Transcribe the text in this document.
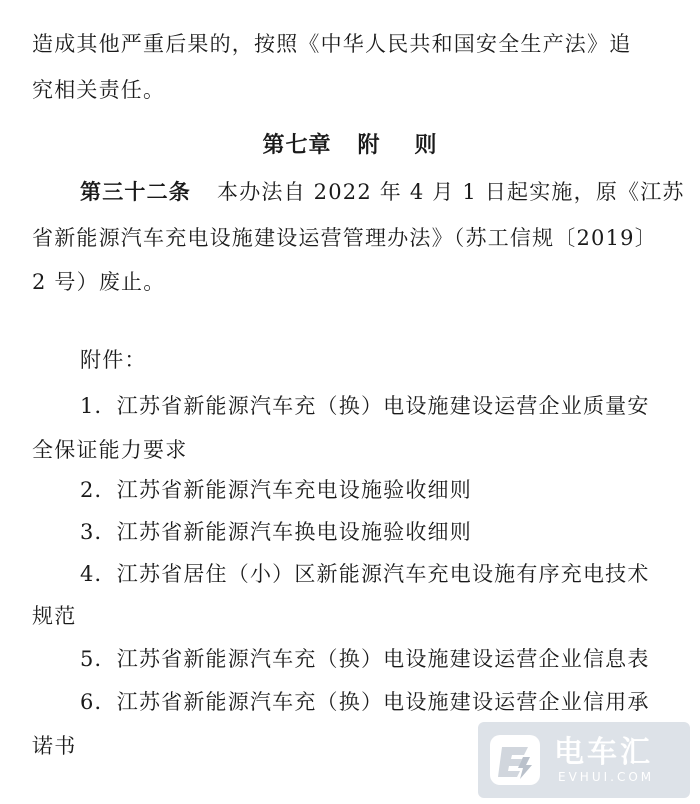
造成其他严重后果的，按照《中华人民共和国安全生产法》追
究相关责任。
第七章 附 则
第三十二条 本办法自 2022 年 4 月 1 日起实施，原《江苏
省新能源汽车充电设施建设运营管理办法》（苏工信规〔2019〕
2 号）废止。
附件：
1．江苏省新能源汽车充（换）电设施建设运营企业质量安
全保证能力要求
2．江苏省新能源汽车充电设施验收细则
3．江苏省新能源汽车换电设施验收细则
4．江苏省居住（小）区新能源汽车充电设施有序充电技术
规范
5．江苏省新能源汽车充（换）电设施建设运营企业信息表
6．江苏省新能源汽车充（换）电设施建设运营企业信用承
诺书	电车汇
EVHUI.COM
